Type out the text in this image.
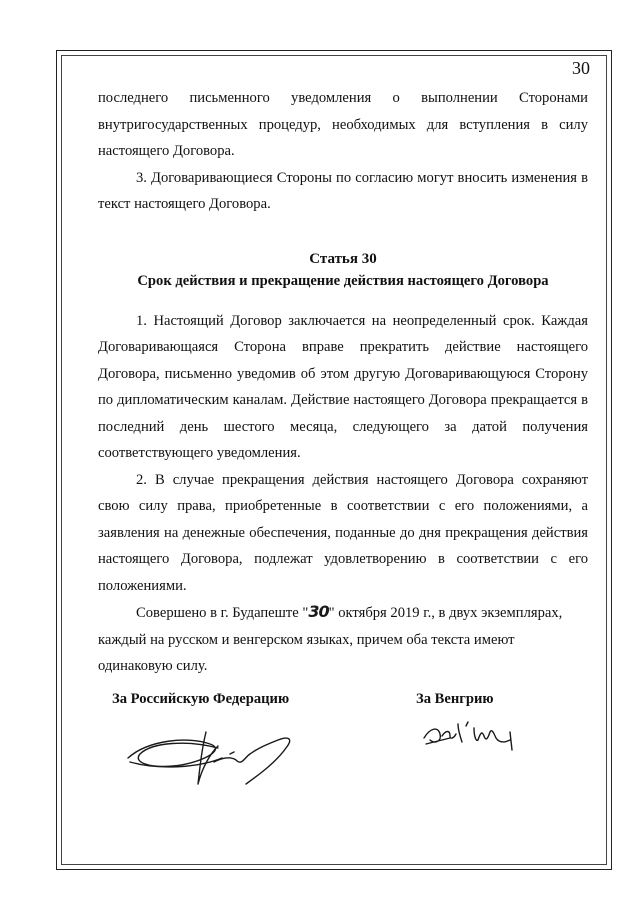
30

последнего письменного уведомления о выполнении Сторонами внутригосударственных процедур, необходимых для вступления в силу настоящего Договора.

3. Договаривающиеся Стороны по согласию могут вносить изменения в текст настоящего Договора.

Статья 30
Срок действия и прекращение действия настоящего Договора

1. Настоящий Договор заключается на неопределенный срок. Каждая Договаривающаяся Сторона вправе прекратить действие настоящего Договора, письменно уведомив об этом другую Договаривающуюся Сторону по дипломатическим каналам. Действие настоящего Договора прекращается в последний день шестого месяца, следующего за датой получения соответствующего уведомления.

2. В случае прекращения действия настоящего Договора сохраняют свою силу права, приобретенные в соответствии с его положениями, а заявления на денежные обеспечения, поданные до дня прекращения действия настоящего Договора, подлежат удовлетворению в соответствии с его положениями.

Совершено в г. Будапеште "30" октября 2019 г., в двух экземплярах,

каждый на русском и венгерском языках, причем оба текста имеют

одинаковую силу.

За Российскую Федерацию	За Венгрию
